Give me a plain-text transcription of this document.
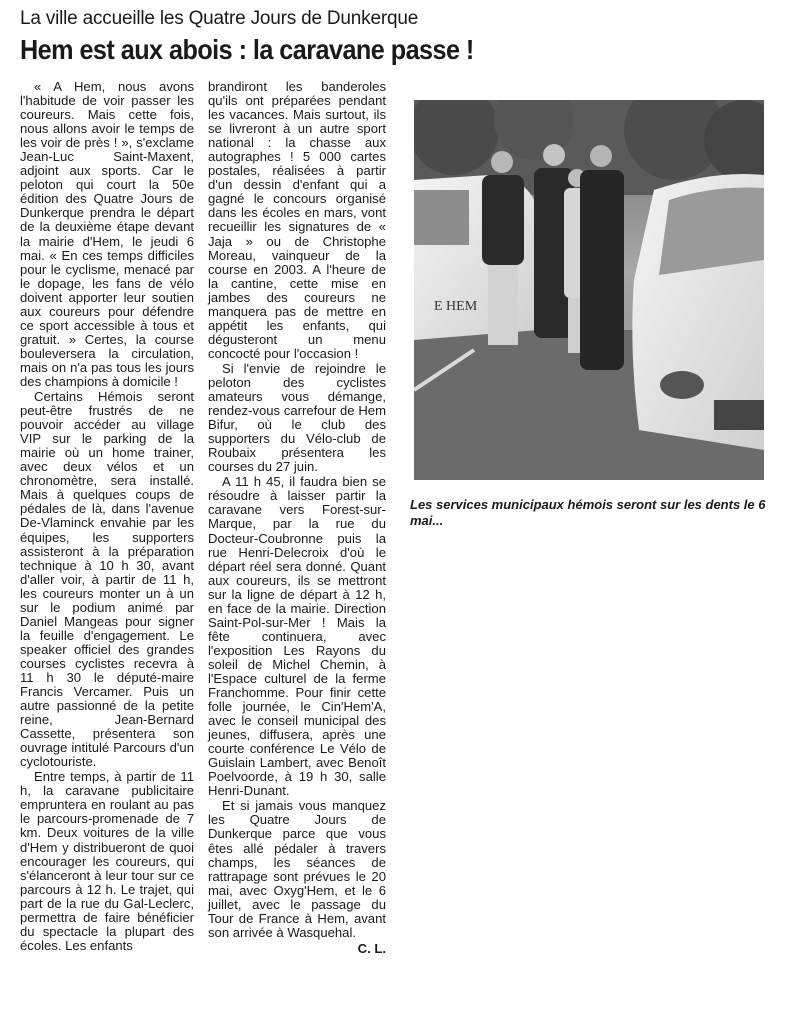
La ville accueille les Quatre Jours de Dunkerque
Hem est aux abois : la caravane passe !

« A Hem, nous avons l'habitude de voir passer les coureurs. Mais cette fois, nous allons avoir le temps de les voir de près ! », s'exclame Jean-Luc Saint-Maxent, adjoint aux sports. Car le peloton qui court la 50e édition des Quatre Jours de Dunkerque prendra le départ de la deuxième étape devant la mairie d'Hem, le jeudi 6 mai. « En ces temps difficiles pour le cyclisme, menacé par le dopage, les fans de vélo doivent apporter leur soutien aux coureurs pour défendre ce sport accessible à tous et gratuit. » Certes, la course bouleversera la circulation, mais on n'a pas tous les jours des champions à domicile !

Certains Hémois seront peut-être frustrés de ne pouvoir accéder au village VIP sur le parking de la mairie où un home trainer, avec deux vélos et un chronomètre, sera installé. Mais à quelques coups de pédales de là, dans l'avenue De-Vlaminck envahie par les équipes, les supporters assisteront à la préparation technique à 10 h 30, avant d'aller voir, à partir de 11 h, les coureurs monter un à un sur le podium animé par Daniel Mangeas pour signer la feuille d'engagement. Le speaker officiel des grandes courses cyclistes recevra à 11 h 30 le député-maire Francis Vercamer. Puis un autre passionné de la petite reine, Jean-Bernard Cassette, présentera son ouvrage intitulé Parcours d'un cyclotouriste.

Entre temps, à partir de 11 h, la caravane publicitaire empruntera en roulant au pas le parcours-promenade de 7 km. Deux voitures de la ville d'Hem y distribueront de quoi encourager les coureurs, qui s'élanceront à leur tour sur ce parcours à 12 h. Le trajet, qui part de la rue du Gal-Leclerc, permettra de faire bénéficier du spectacle la plupart des écoles. Les enfants

brandiront les banderoles qu'ils ont préparées pendant les vacances. Mais surtout, ils se livreront à un autre sport national : la chasse aux autographes ! 5 000 cartes postales, réalisées à partir d'un dessin d'enfant qui a gagné le concours organisé dans les écoles en mars, vont recueillir les signatures de « Jaja » ou de Christophe Moreau, vainqueur de la course en 2003. A l'heure de la cantine, cette mise en jambes des coureurs ne manquera pas de mettre en appétit les enfants, qui dégusteront un menu concocté pour l'occasion !

Si l'envie de rejoindre le peloton des cyclistes amateurs vous démange, rendez-vous carrefour de Hem Bifur, où le club des supporters du Vélo-club de Roubaix présentera les courses du 27 juin.

A 11 h 45, il faudra bien se résoudre à laisser partir la caravane vers Forest-sur-Marque, par la rue du Docteur-Coubronne puis la rue Henri-Delecroix d'où le départ réel sera donné. Quant aux coureurs, ils se mettront sur la ligne de départ à 12 h, en face de la mairie. Direction Saint-Pol-sur-Mer ! Mais la fête continuera, avec l'exposition Les Rayons du soleil de Michel Chemin, à l'Espace culturel de la ferme Franchomme. Pour finir cette folle journée, le Cin'Hem'A, avec le conseil municipal des jeunes, diffusera, après une courte conférence Le Vélo de Guislain Lambert, avec Benoît Poelvoorde, à 19 h 30, salle Henri-Dunant.

Et si jamais vous manquez les Quatre Jours de Dunkerque parce que vous êtes allé pédaler à travers champs, les séances de rattrapage sont prévues le 20 mai, avec Oxyg'Hem, et le 6 juillet, avec le passage du Tour de France à Hem, avant son arrivée à Wasquehal.

C. L.
E HEM
Les services municipaux hémois seront sur les dents le 6 mai...
